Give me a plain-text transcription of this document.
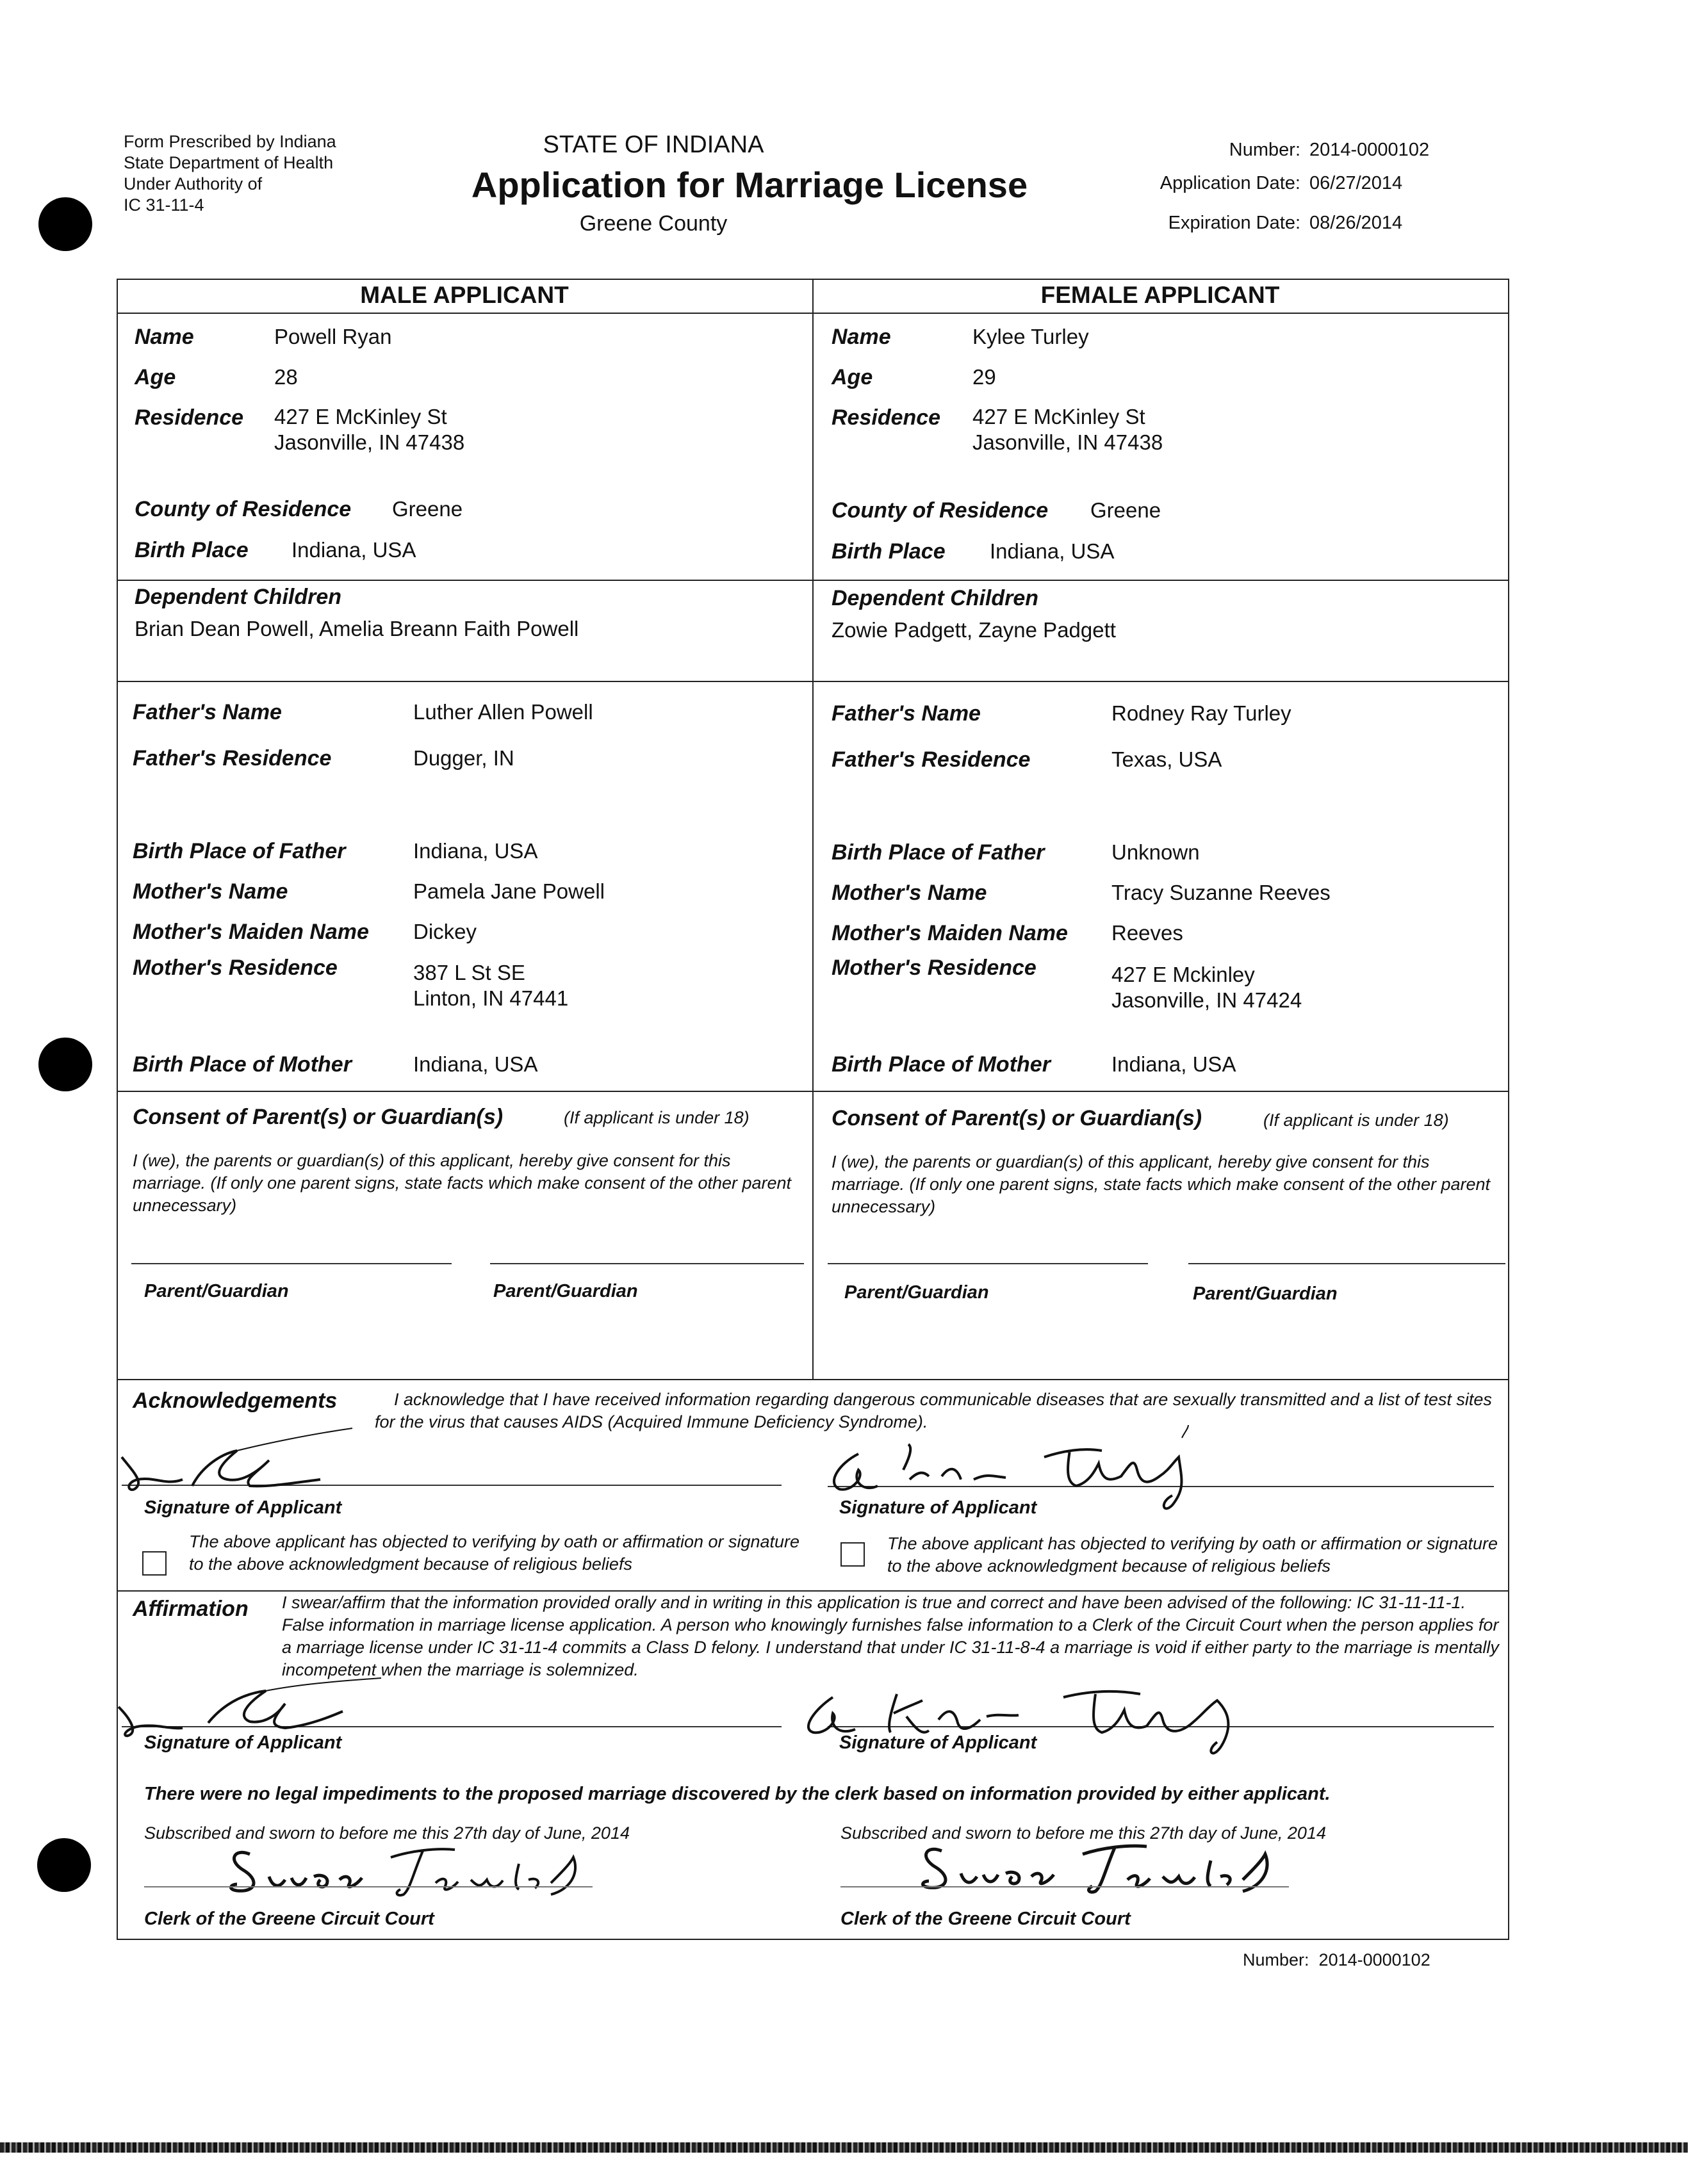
Form Prescribed by Indiana
State Department of Health
Under Authority of
IC 31-11-4
STATE OF INDIANA
Application for Marriage License
Greene County
Number: 2014-0000102
Application Date: 06/27/2014
Expiration Date: 08/26/2014
MALE APPLICANT	FEMALE APPLICANT
Name	Powell Ryan
Age	28
Residence 427 E McKinley St
Jasonville, IN 47438
County of Residence Greene
Birth Place Indiana, USA
Dependent Children
Brian Dean Powell, Amelia Breann Faith Powell
Father's Name	Luther Allen Powell
Father's Residence	Dugger, IN
Birth Place of Father	Indiana, USA
Mother's Name	Pamela Jane Powell
Mother's Maiden Name Dickey
Mother's Residence	387 L St SE
Linton, IN 47441
Birth Place of Mother	Indiana, USA
Name	Kylee Turley
Age	29
Residence 427 E McKinley St
Jasonville, IN 47438
County of Residence Greene
Birth Place Indiana, USA
Dependent Children
Zowie Padgett, Zayne Padgett
Father's Name	Rodney Ray Turley
Father's Residence	Texas, USA
Birth Place of Father	Unknown
Mother's Name	Tracy Suzanne Reeves
Mother's Maiden Name Reeves
Mother's Residence	427 E Mckinley
Jasonville, IN 47424
Birth Place of Mother	Indiana, USA
Consent of Parent(s) or Guardian(s)	(If applicant is under 18)
I (we), the parents or guardian(s) of this applicant, hereby give consent for this marriage. (If only one parent signs, state facts which make consent of the other parent unnecessary)
Parent/Guardian	Parent/Guardian
Consent of Parent(s) or Guardian(s)	(If applicant is under 18)
I (we), the parents or guardian(s) of this applicant, hereby give consent for this marriage. (If only one parent signs, state facts which make consent of the other parent unnecessary)
Parent/Guardian	Parent/Guardian
Acknowledgements	I acknowledge that I have received information regarding dangerous communicable diseases that are sexually transmitted and a list of test sites for the virus that causes AIDS (Acquired Immune Deficiency Syndrome).
Signature of Applicant	Signature of Applicant
The above applicant has objected to verifying by oath or affirmation or signature to the above acknowledgment because of religious beliefs
The above applicant has objected to verifying by oath or affirmation or signature to the above acknowledgment because of religious beliefs
Affirmation I swear/affirm that the information provided orally and in writing in this application is true and correct and have been advised of the following: IC 31-11-11-1. False information in marriage license application. A person who knowingly furnishes false information to a Clerk of the Circuit Court when the person applies for a marriage license under IC 31-11-4 commits a Class D felony. I understand that under IC 31-11-8-4 a marriage is void if either party to the marriage is mentally incompetent when the marriage is solemnized.
Signature of Applicant	Signature of Applicant
There were no legal impediments to the proposed marriage discovered by the clerk based on information provided by either applicant.
Subscribed and sworn to before me this 27th day of June, 2014	Subscribed and sworn to before me this 27th day of June, 2014
Clerk of the Greene Circuit Court	Clerk of the Greene Circuit Court
Number: 2014-0000102
